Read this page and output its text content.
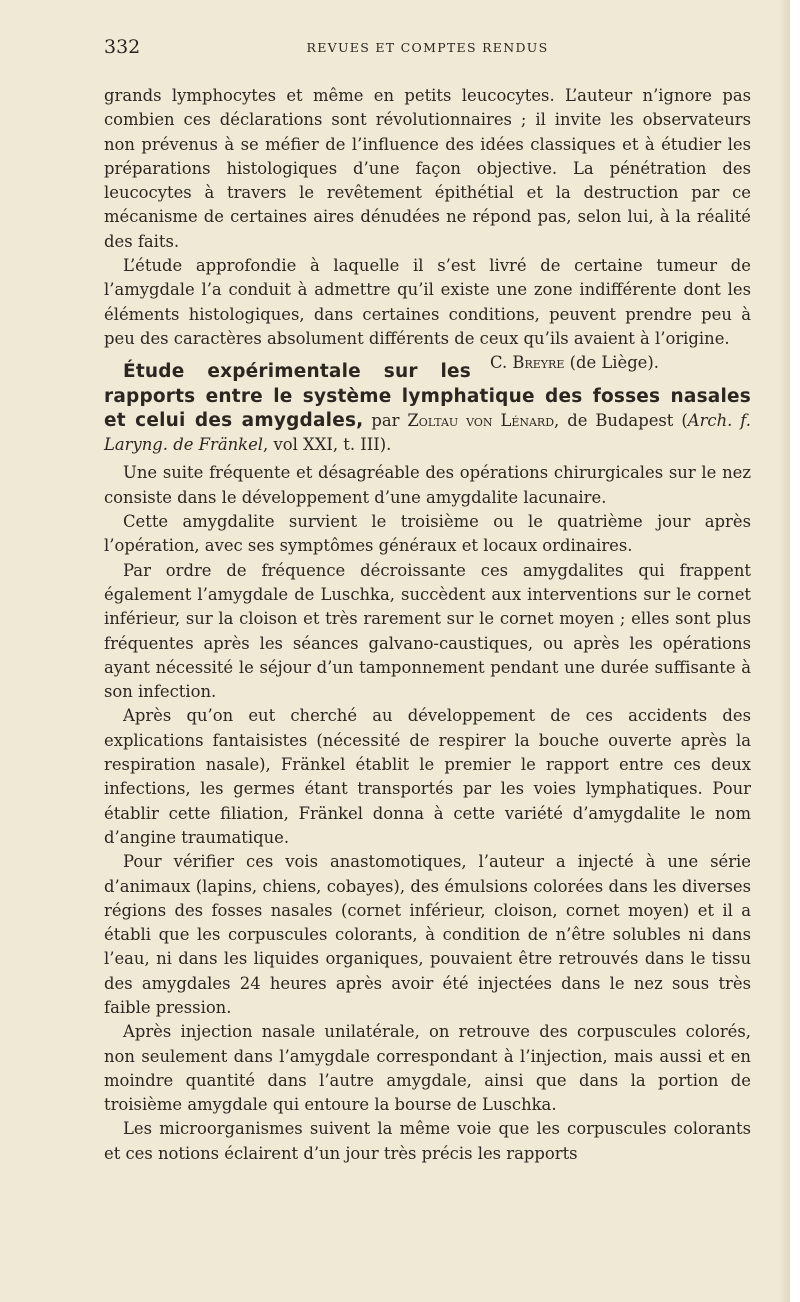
332	REVUES ET COMPTES RENDUS

grands lymphocytes et même en petits leucocytes. L’auteur n’ignore pas combien ces déclarations sont révolutionnaires ; il invite les observateurs non prévenus à se méfier de l’influence des idées classiques et à étudier les préparations histologiques d’une façon objective. La pénétration des leucocytes à travers le revêtement épithétial et la destruction par ce mécanisme de certaines aires dénudées ne répond pas, selon lui, à la réalité des faits.

L’étude approfondie à laquelle il s’est livré de certaine tumeur de l’amygdale l’a conduit à admettre qu’il existe une zone indifférente dont les éléments histologiques, dans certaines conditions, peuvent prendre peu à peu des caractères absolument différents de ceux qu’ils avaient à l’origine.
C. Breyre (de Liège).

Étude expérimentale sur les rapports entre le système lymphatique des fosses nasales et celui des amygdales, par Zoltau von Lénard, de Budapest (Arch. f. Laryng. de Fränkel, vol XXI, t. III).

Une suite fréquente et désagréable des opérations chirurgicales sur le nez consiste dans le développement d’une amygdalite lacunaire.

Cette amygdalite survient le troisième ou le quatrième jour après l’opération, avec ses symptômes généraux et locaux ordinaires.

Par ordre de fréquence décroissante ces amygdalites qui frappent également l’amygdale de Luschka, succèdent aux interventions sur le cornet inférieur, sur la cloison et très rarement sur le cornet moyen ; elles sont plus fréquentes après les séances galvano-caustiques, ou après les opérations ayant nécessité le séjour d’un tamponnement pendant une durée suffisante à son infection.

Après qu’on eut cherché au développement de ces accidents des explications fantaisistes (nécessité de respirer la bouche ouverte après la respiration nasale), Fränkel établit le premier le rapport entre ces deux infections, les germes étant transportés par les voies lymphatiques. Pour établir cette filiation, Fränkel donna à cette variété d’amygdalite le nom d’angine traumatique.

Pour vérifier ces vois anastomotiques, l’auteur a injecté à une série d’animaux (lapins, chiens, cobayes), des émulsions colorées dans les diverses régions des fosses nasales (cornet inférieur, cloison, cornet moyen) et il a établi que les corpuscules colorants, à condition de n’être solubles ni dans l’eau, ni dans les liquides organiques, pouvaient être retrouvés dans le tissu des amygdales 24 heures après avoir été injectées dans le nez sous très faible pression.

Après injection nasale unilatérale, on retrouve des corpuscules colorés, non seulement dans l’amygdale correspondant à l’injection, mais aussi et en moindre quantité dans l’autre amygdale, ainsi que dans la portion de troisième amygdale qui entoure la bourse de Luschka.

Les microorganismes suivent la même voie que les corpuscules colorants et ces notions éclairent d’un jour très précis les rapports
